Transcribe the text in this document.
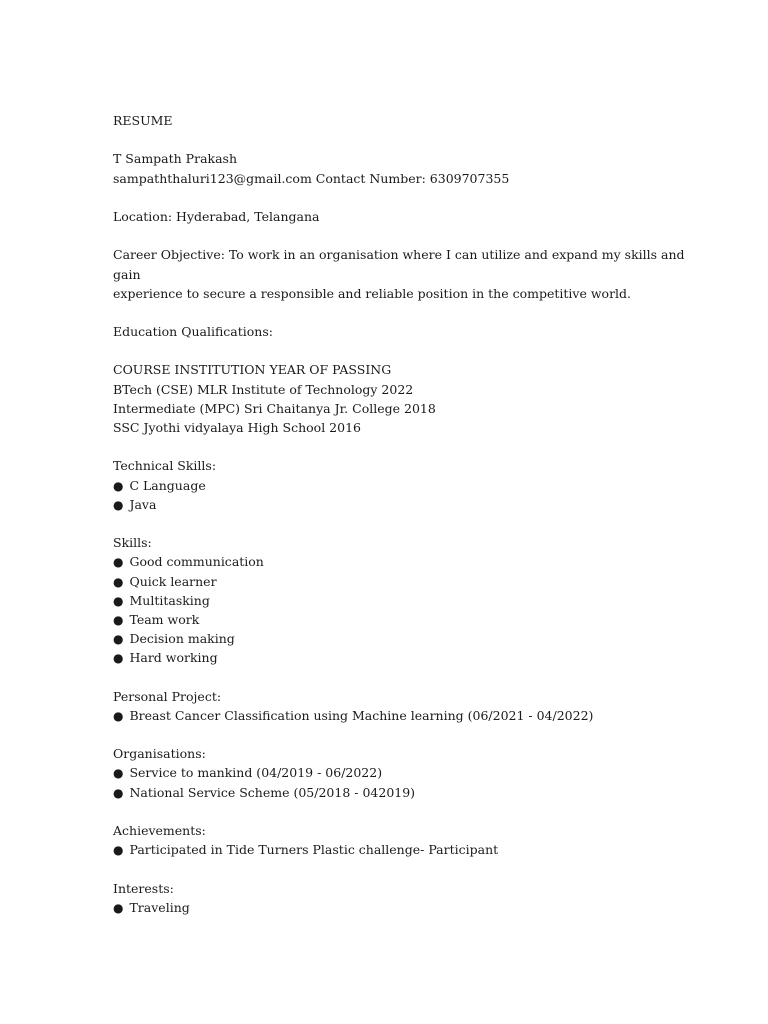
RESUME
T Sampath Prakash
sampaththaluri123@gmail.com Contact Number: 6309707355
Location: Hyderabad, Telangana
Career Objective: To work in an organisation where I can utilize and expand my skills and
gain
experience to secure a responsible and reliable position in the competitive world.
Education Qualifications:
COURSE INSTITUTION YEAR OF PASSING
BTech (CSE) MLR Institute of Technology 2022
Intermediate (MPC) Sri Chaitanya Jr. College 2018
SSC Jyothi vidyalaya High School 2016
Technical Skills:
● C Language
● Java
Skills:
● Good communication
● Quick learner
● Multitasking
● Team work
● Decision making
● Hard working
Personal Project:
● Breast Cancer Classification using Machine learning (06/2021 - 04/2022)
Organisations:
● Service to mankind (04/2019 - 06/2022)
● National Service Scheme (05/2018 - 042019)
Achievements:
● Participated in Tide Turners Plastic challenge- Participant
Interests:
● Traveling
